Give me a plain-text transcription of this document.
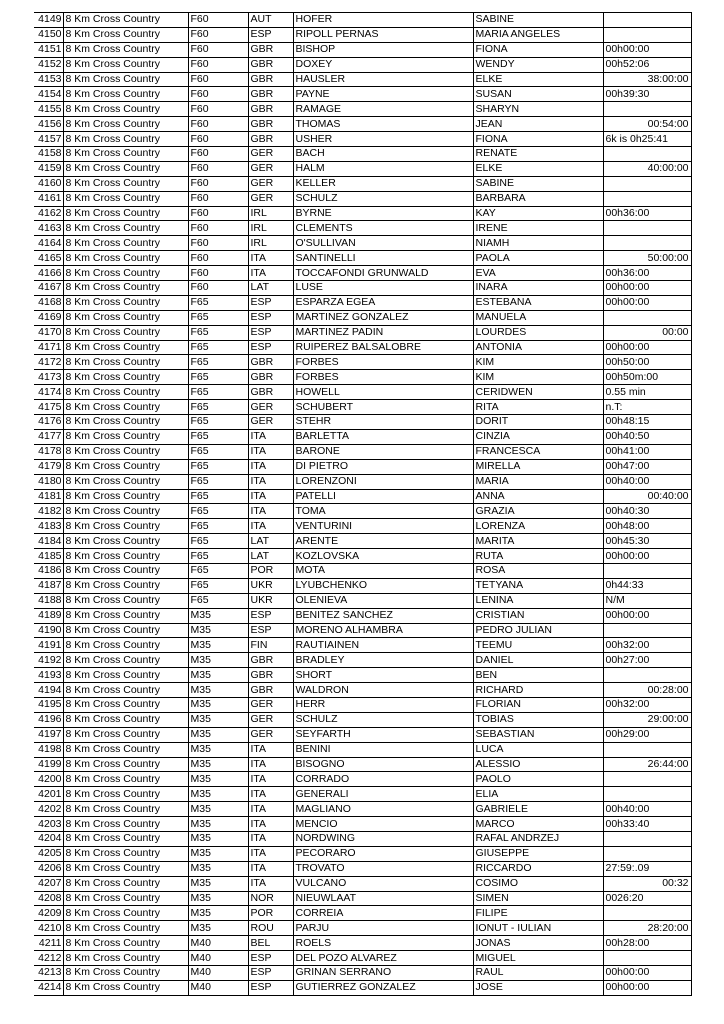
4149	8 Km Cross Country	F60	AUT	HOFER	SABINE	
4150	8 Km Cross Country	F60	ESP	RIPOLL PERNAS	MARIA ANGELES	
4151	8 Km Cross Country	F60	GBR	BISHOP	FIONA	00h00:00
4152	8 Km Cross Country	F60	GBR	DOXEY	WENDY	00h52:06
4153	8 Km Cross Country	F60	GBR	HAUSLER	ELKE	38:00:00
4154	8 Km Cross Country	F60	GBR	PAYNE	SUSAN	00h39:30
4155	8 Km Cross Country	F60	GBR	RAMAGE	SHARYN	
4156	8 Km Cross Country	F60	GBR	THOMAS	JEAN	00:54:00
4157	8 Km Cross Country	F60	GBR	USHER	FIONA	6k is 0h25:41
4158	8 Km Cross Country	F60	GER	BACH	RENATE	
4159	8 Km Cross Country	F60	GER	HALM	ELKE	40:00:00
4160	8 Km Cross Country	F60	GER	KELLER	SABINE	
4161	8 Km Cross Country	F60	GER	SCHULZ	BARBARA	
4162	8 Km Cross Country	F60	IRL	BYRNE	KAY	00h36:00
4163	8 Km Cross Country	F60	IRL	CLEMENTS	IRENE	
4164	8 Km Cross Country	F60	IRL	O'SULLIVAN	NIAMH	
4165	8 Km Cross Country	F60	ITA	SANTINELLI	PAOLA	50:00:00
4166	8 Km Cross Country	F60	ITA	TOCCAFONDI GRUNWALD	EVA	00h36:00
4167	8 Km Cross Country	F60	LAT	LUSE	INARA	00h00:00
4168	8 Km Cross Country	F65	ESP	ESPARZA EGEA	ESTEBANA	00h00:00
4169	8 Km Cross Country	F65	ESP	MARTINEZ GONZALEZ	MANUELA	
4170	8 Km Cross Country	F65	ESP	MARTINEZ PADIN	LOURDES	00:00
4171	8 Km Cross Country	F65	ESP	RUIPEREZ BALSALOBRE	ANTONIA	00h00:00
4172	8 Km Cross Country	F65	GBR	FORBES	KIM	00h50:00
4173	8 Km Cross Country	F65	GBR	FORBES	KIM	00h50m:00
4174	8 Km Cross Country	F65	GBR	HOWELL	CERIDWEN	0.55 min
4175	8 Km Cross Country	F65	GER	SCHUBERT	RITA	n.T:
4176	8 Km Cross Country	F65	GER	STEHR	DORIT	00h48:15
4177	8 Km Cross Country	F65	ITA	BARLETTA	CINZIA	00h40:50
4178	8 Km Cross Country	F65	ITA	BARONE	FRANCESCA	00h41:00
4179	8 Km Cross Country	F65	ITA	DI PIETRO	MIRELLA	00h47:00
4180	8 Km Cross Country	F65	ITA	LORENZONI	MARIA	00h40:00
4181	8 Km Cross Country	F65	ITA	PATELLI	ANNA	00:40:00
4182	8 Km Cross Country	F65	ITA	TOMA	GRAZIA	00h40:30
4183	8 Km Cross Country	F65	ITA	VENTURINI	LORENZA	00h48:00
4184	8 Km Cross Country	F65	LAT	ARENTE	MARITA	00h45:30
4185	8 Km Cross Country	F65	LAT	KOZLOVSKA	RUTA	00h00:00
4186	8 Km Cross Country	F65	POR	MOTA	ROSA	
4187	8 Km Cross Country	F65	UKR	LYUBCHENKO	TETYANA	0h44:33
4188	8 Km Cross Country	F65	UKR	OLENIEVA	LENINA	N/M
4189	8 Km Cross Country	M35	ESP	BENITEZ SANCHEZ	CRISTIAN	00h00:00
4190	8 Km Cross Country	M35	ESP	MORENO ALHAMBRA	PEDRO JULIAN	
4191	8 Km Cross Country	M35	FIN	RAUTIAINEN	TEEMU	00h32:00
4192	8 Km Cross Country	M35	GBR	BRADLEY	DANIEL	00h27:00
4193	8 Km Cross Country	M35	GBR	SHORT	BEN	
4194	8 Km Cross Country	M35	GBR	WALDRON	RICHARD	00:28:00
4195	8 Km Cross Country	M35	GER	HERR	FLORIAN	00h32:00
4196	8 Km Cross Country	M35	GER	SCHULZ	TOBIAS	29:00:00
4197	8 Km Cross Country	M35	GER	SEYFARTH	SEBASTIAN	00h29:00
4198	8 Km Cross Country	M35	ITA	BENINI	LUCA	
4199	8 Km Cross Country	M35	ITA	BISOGNO	ALESSIO	26:44:00
4200	8 Km Cross Country	M35	ITA	CORRADO	PAOLO	
4201	8 Km Cross Country	M35	ITA	GENERALI	ELIA	
4202	8 Km Cross Country	M35	ITA	MAGLIANO	GABRIELE	00h40:00
4203	8 Km Cross Country	M35	ITA	MENCIO	MARCO	00h33:40
4204	8 Km Cross Country	M35	ITA	NORDWING	RAFAL ANDRZEJ	
4205	8 Km Cross Country	M35	ITA	PECORARO	GIUSEPPE	
4206	8 Km Cross Country	M35	ITA	TROVATO	RICCARDO	27:59:.09
4207	8 Km Cross Country	M35	ITA	VULCANO	COSIMO	00:32
4208	8 Km Cross Country	M35	NOR	NIEUWLAAT	SIMEN	0026:20
4209	8 Km Cross Country	M35	POR	CORREIA	FILIPE	
4210	8 Km Cross Country	M35	ROU	PARJU	IONUT - IULIAN	28:20:00
4211	8 Km Cross Country	M40	BEL	ROELS	JONAS	00h28:00
4212	8 Km Cross Country	M40	ESP	DEL POZO ALVAREZ	MIGUEL	
4213	8 Km Cross Country	M40	ESP	GRINAN SERRANO	RAUL	00h00:00
4214	8 Km Cross Country	M40	ESP	GUTIERREZ GONZALEZ	JOSE	00h00:00
